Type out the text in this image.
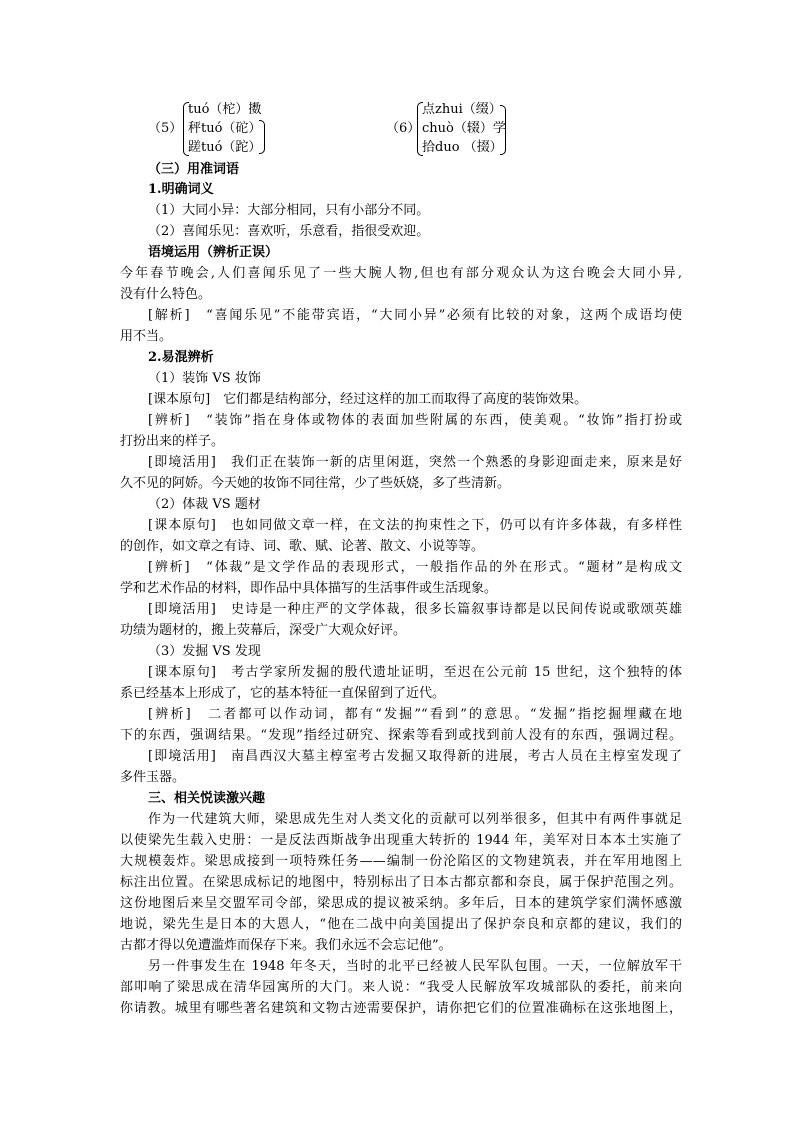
（5）
tuó（柁）擞
秤tuó（砣）
蹉tuó（跎）
（6）
点zhui（缀）
chuò（辍）学
拾duo （掇）
（三）用准词语
1.明确词义
（1）大同小异：大部分相同，只有小部分不同。
（2）喜闻乐见：喜欢听，乐意看，指很受欢迎。
语境运用（辨析正误）
今年春节晚会,人们喜闻乐见了一些大腕人物,但也有部分观众认为这台晚会大同小异,
没有什么特色。
[解析]　“喜闻乐见”不能带宾语，“大同小异”必须有比较的对象，这两个成语均使
用不当。
2.易混辨析
（1）装饰 VS 妆饰
[课本原句]　它们都是结构部分，经过这样的加工而取得了高度的装饰效果。
[辨析]　“装饰”指在身体或物体的表面加些附属的东西，使美观。“妆饰”指打扮或
打扮出来的样子。
[即境活用]　我们正在装饰一新的店里闲逛，突然一个熟悉的身影迎面走来，原来是好
久不见的阿娇。今天她的妆饰不同往常，少了些妖娆，多了些清新。
（2）体裁 VS 题材
[课本原句]　也如同做文章一样，在文法的拘束性之下，仍可以有许多体裁，有多样性
的创作，如文章之有诗、词、歌、赋、论著、散文、小说等等。
[辨析]　“体裁”是文学作品的表现形式，一般指作品的外在形式。“题材”是构成文
学和艺术作品的材料，即作品中具体描写的生活事件或生活现象。
[即境活用]　史诗是一种庄严的文学体裁，很多长篇叙事诗都是以民间传说或歌颂英雄
功绩为题材的，搬上荧幕后，深受广大观众好评。
（3）发掘 VS 发现
[课本原句]　考古学家所发掘的殷代遗址证明，至迟在公元前 15 世纪，这个独特的体
系已经基本上形成了，它的基本特征一直保留到了近代。
[辨析]　二者都可以作动词，都有“发掘”“看到”的意思。“发掘”指挖掘埋藏在地
下的东西，强调结果。“发现”指经过研究、探索等看到或找到前人没有的东西，强调过程。
[即境活用]　南昌西汉大墓主椁室考古发掘又取得新的进展，考古人员在主椁室发现了
多件玉器。
三、相关悦读激兴趣
作为一代建筑大师，梁思成先生对人类文化的贡献可以列举很多，但其中有两件事就足
以使梁先生载入史册：一是反法西斯战争出现重大转折的 1944 年，美军对日本本土实施了
大规模轰炸。梁思成接到一项特殊任务——编制一份沦陷区的文物建筑表，并在军用地图上
标注出位置。在梁思成标记的地图中，特别标出了日本古都京都和奈良，属于保护范围之列。
这份地图后来呈交盟军司令部，梁思成的提议被采纳。多年后，日本的建筑学家们满怀感激
地说，梁先生是日本的大恩人，“他在二战中向美国提出了保护奈良和京都的建议，我们的
古都才得以免遭滥炸而保存下来。我们永远不会忘记他”。
另一件事发生在 1948 年冬天，当时的北平已经被人民军队包围。一天，一位解放军干
部叩响了梁思成在清华园寓所的大门。来人说：“我受人民解放军攻城部队的委托，前来向
你请教。城里有哪些著名建筑和文物古迹需要保护，请你把它们的位置准确标在这张地图上，
